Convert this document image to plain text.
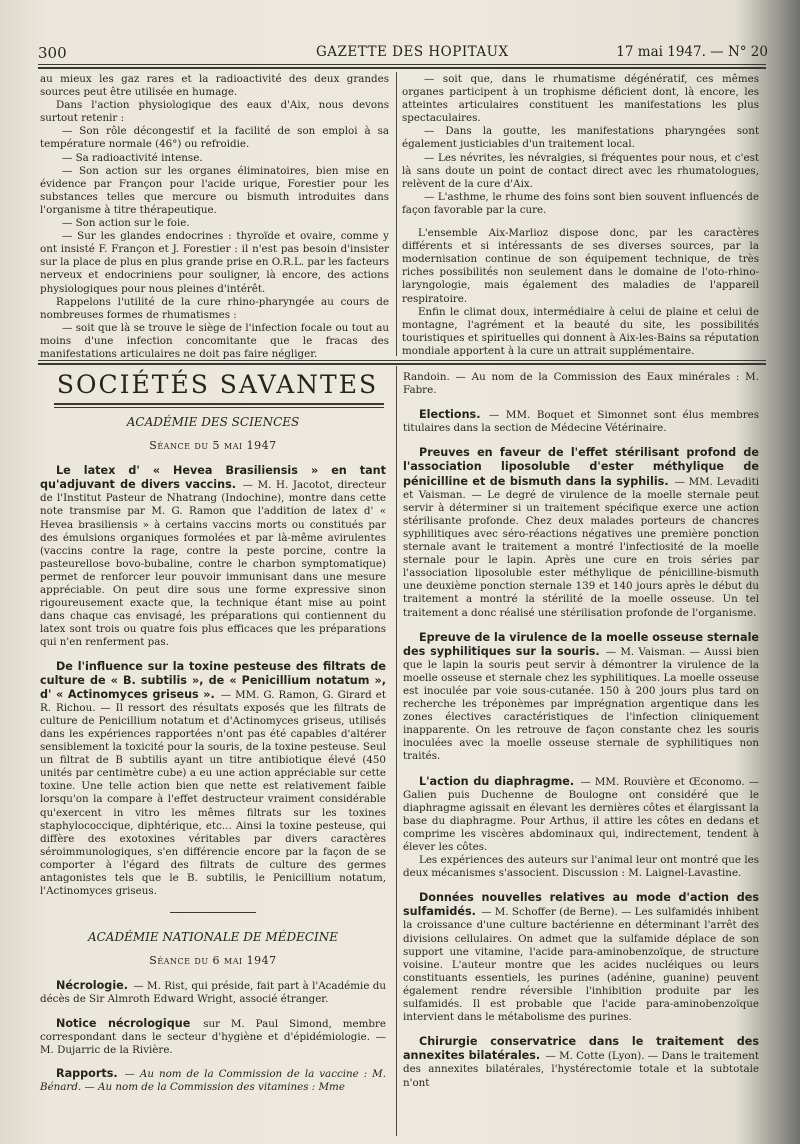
300	GAZETTE DES HOPITAUX	17 mai 1947. — N° 20

au mieux les gaz rares et la radioactivité des deux grandes sources peut être utilisée en humage.

Dans l'action physiologique des eaux d'Aix, nous devons surtout retenir :

— Son rôle décongestif et la facilité de son emploi à sa température normale (46°) ou refroidie.

— Sa radioactivité intense.

— Son action sur les organes éliminatoires, bien mise en évidence par Françon pour l'acide urique, Forestier pour les substances telles que mercure ou bismuth introduites dans l'organisme à titre thérapeutique.

— Son action sur le foie.

— Sur les glandes endocrines : thyroïde et ovaire, comme y ont insisté F. Françon et J. Forestier : il n'est pas besoin d'insister sur la place de plus en plus grande prise en O.R.L. par les facteurs nerveux et endocriniens pour souligner, là encore, des actions physiologiques pour nous pleines d'intérêt.

Rappelons l'utilité de la cure rhino-pharyngée au cours de nombreuses formes de rhumatismes :

— soit que là se trouve le siège de l'infection focale ou tout au moins d'une infection concomitante que le fracas des manifestations articulaires ne doit pas faire négliger.

— soit que, dans le rhumatisme dégénératif, ces mêmes organes participent à un trophisme déficient dont, là encore, les atteintes articulaires constituent les manifestations les plus spectaculaires.

— Dans la goutte, les manifestations pharyngées sont également justiciables d'un traitement local.

— Les névrites, les névralgies, si fréquentes pour nous, et c'est là sans doute un point de contact direct avec les rhumatologues, relèvent de la cure d'Aix.

— L'asthme, le rhume des foins sont bien souvent influencés de façon favorable par la cure.

L'ensemble Aix-Marlioz dispose donc, par les caractères différents et si intéressants de ses diverses sources, par la modernisation continue de son équipement technique, de très riches possibilités non seulement dans le domaine de l'oto-rhino-laryngologie, mais également des maladies de l'appareil respiratoire.

Enfin le climat doux, intermédiaire à celui de plaine et celui de montagne, l'agrément et la beauté du site, les possibilités touristiques et spirituelles qui donnent à Aix-les-Bains sa réputation mondiale apportent à la cure un attrait supplémentaire.

SOCIÉTÉS SAVANTES

ACADÉMIE DES SCIENCES

Séance du 5 mai 1947

Le latex d' « Hevea Brasiliensis » en tant qu'adjuvant de divers vaccins. — M. H. Jacotot, directeur de l'Institut Pasteur de Nhatrang (Indochine), montre dans cette note transmise par M. G. Ramon que l'addition de latex d' « Hevea brasiliensis » à certains vaccins morts ou constitués par des émulsions organiques formolées et par là-même avirulentes (vaccins contre la rage, contre la peste porcine, contre la pasteurellose bovo-bubaline, contre le charbon symptomatique) permet de renforcer leur pouvoir immunisant dans une mesure appréciable. On peut dire sous une forme expressive sinon rigoureusement exacte que, la technique étant mise au point dans chaque cas envisagé, les préparations qui contiennent du latex sont trois ou quatre fois plus efficaces que les préparations qui n'en renferment pas.

De l'influence sur la toxine pesteuse des filtrats de culture de « B. subtilis », de « Penicillium notatum », d' « Actinomyces griseus ». — MM. G. Ramon, G. Girard et R. Richou. — Il ressort des résultats exposés que les filtrats de culture de Penicillium notatum et d'Actinomyces griseus, utilisés dans les expériences rapportées n'ont pas été capables d'altérer sensiblement la toxicité pour la souris, de la toxine pesteuse. Seul un filtrat de B subtilis ayant un titre antibiotique élevé (450 unités par centimètre cube) a eu une action appréciable sur cette toxine. Une telle action bien que nette est relativement faible lorsqu'on la compare à l'effet destructeur vraiment considérable qu'exercent in vitro les mêmes filtrats sur les toxines staphylococcique, diphtérique, etc... Ainsi la toxine pesteuse, qui diffère des exotoxines véritables par divers caractères séroimmunologiques, s'en différencie encore par la façon de se comporter à l'égard des filtrats de culture des germes antagonistes tels que le B. subtilis, le Penicillium notatum, l'Actinomyces griseus.

ACADÉMIE NATIONALE DE MÉDECINE

Séance du 6 mai 1947

Nécrologie. — M. Rist, qui préside, fait part à l'Académie du décès de Sir Almroth Edward Wright, associé étranger.

Notice nécrologique sur M. Paul Simond, membre correspondant dans le secteur d'hygiène et d'épidémiologie. — M. Dujarric de la Rivière.

Rapports. — Au nom de la Commission de la vaccine : M. Bénard. — Au nom de la Commission des vitamines : Mme

Randoin. — Au nom de la Commission des Eaux minérales : M. Fabre.

Elections. — MM. Boquet et Simonnet sont élus membres titulaires dans la section de Médecine Vétérinaire.

Preuves en faveur de l'effet stérilisant profond de l'association liposoluble d'ester méthylique de pénicilline et de bismuth dans la syphilis. — MM. Levaditi et Vaisman. — Le degré de virulence de la moelle sternale peut servir à déterminer si un traitement spécifique exerce une action stérilisante profonde. Chez deux malades porteurs de chancres syphilitiques avec séro-réactions négatives une première ponction sternale avant le traitement a montré l'infectiosité de la moelle sternale pour le lapin. Après une cure en trois séries par l'association liposoluble ester méthylique de pénicilline-bismuth une deuxième ponction sternale 139 et 140 jours après le début du traitement a montré la stérilité de la moelle osseuse. Un tel traitement a donc réalisé une stérilisation profonde de l'organisme.

Epreuve de la virulence de la moelle osseuse sternale des syphilitiques sur la souris. — M. Vaisman. — Aussi bien que le lapin la souris peut servir à démontrer la virulence de la moelle osseuse et sternale chez les syphilitiques. La moelle osseuse est inoculée par voie sous-cutanée. 150 à 200 jours plus tard on recherche les tréponèmes par imprégnation argentique dans les zones électives caractéristiques de l'infection cliniquement inapparente. On les retrouve de façon constante chez les souris inoculées avec la moelle osseuse sternale de syphilitiques non traités.

L'action du diaphragme. — MM. Rouvière et Œconomo. — Galien puis Duchenne de Boulogne ont considéré que le diaphragme agissait en élevant les dernières côtes et élargissant la base du diaphragme. Pour Arthus, il attire les côtes en dedans et comprime les viscères abdominaux qui, indirectement, tendent à élever les côtes.

Les expériences des auteurs sur l'animal leur ont montré que les deux mécanismes s'associent. Discussion : M. Laignel-Lavastine.

Données nouvelles relatives au mode d'action des sulfamidés. — M. Schoffer (de Berne). — Les sulfamidés inhibent la croissance d'une culture bactérienne en déterminant l'arrêt des divisions cellulaires. On admet que la sulfamide déplace de son support une vitamine, l'acide para-aminobenzoïque, de structure voisine. L'auteur montre que les acides nucléiques ou leurs constituants essentiels, les purines (adénine, guanine) peuvent également rendre réversible l'inhibition produite par les sulfamidés. Il est probable que l'acide para-aminobenzoïque intervient dans le métabolisme des purines.

Chirurgie conservatrice dans le traitement des annexites bilatérales. — M. Cotte (Lyon). — Dans le traitement des annexites bilatérales, l'hystérectomie totale et la subtotale n'ont
